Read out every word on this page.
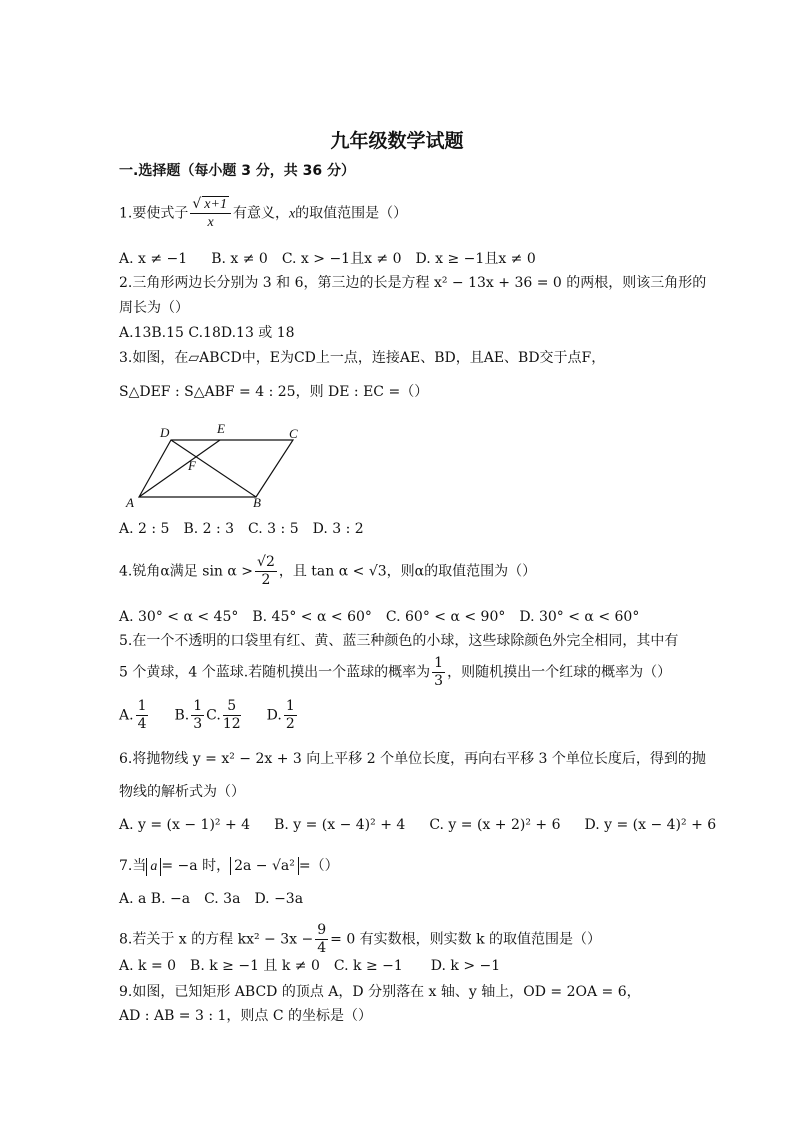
九年级数学试题
一.选择题（每小题 3 分，共 36 分）
1.要使式子 $\frac{√ x+1}{x}$ 有意义，x的取值范围是（）
A. x ≠ −1 B. x ≠ 0 C. x > −1且x ≠ 0 D. x ≥ −1且x ≠ 0
2.三角形两边长分别为 3 和 6，第三边的长是方程 x² − 13x + 36 = 0 的两根，则该三角形的
周长为（）
A.13B.15 C.18D.13 或 18
3.如图，在▱ABCD中，E为CD上一点，连接AE、BD，且AE、BD交于点F，
S△DEF : S△ABF = 4 : 25，则 DE : EC =（）
D	E	C
F
A	B
A. 2 : 5　B. 2 : 3　C. 3 : 5　D. 3 : 2
4.锐角α满足 $\sin \alpha > \frac{√2}{2}$ ，且 tan α < √3，则α的取值范围为（）
A. 30° < α < 45°　B. 45° < α < 60°　C. 60° < α < 90°　D. 30° < α < 60°
5.在一个不透明的口袋里有红、黄、蓝三种颜色的小球，这些球除颜色外完全相同，其中有
5 个黄球，4 个蓝球.若随机摸出一个蓝球的概率为 $\frac{1}{3}$ ，则随机摸出一个红球的概率为（）
A. $\frac{1}{4} B$. $\frac{1}{3} C$. $\frac{5}{12} D$. $\frac{1}{2}$
6.将抛物线 y = x² − 2x + 3 向上平移 2 个单位长度，再向右平移 3 个单位长度后，得到的抛
物线的解析式为（）
A. y = (x − 1)² + 4 B. y = (x − 4)² + 4 C. y = (x + 2)² + 6 D. y = (x − 4)² + 6
7.当 a = −a 时， 2a − √a² =（）
A. a B. −a　C. 3a　D. −3a
8.若关于 x 的方程 $kx^2 - 3x - \frac{9}{4} = 0$ 有实数根，则实数 k 的取值范围是（）
A. k = 0　B. k ≥ −1 且 k ≠ 0　C. k ≥ −1　　D. k > −1
9.如图，已知矩形 ABCD 的顶点 A，D 分别落在 x 轴、y 轴上，OD = 2OA = 6，
AD : AB = 3 : 1，则点 C 的坐标是（）
